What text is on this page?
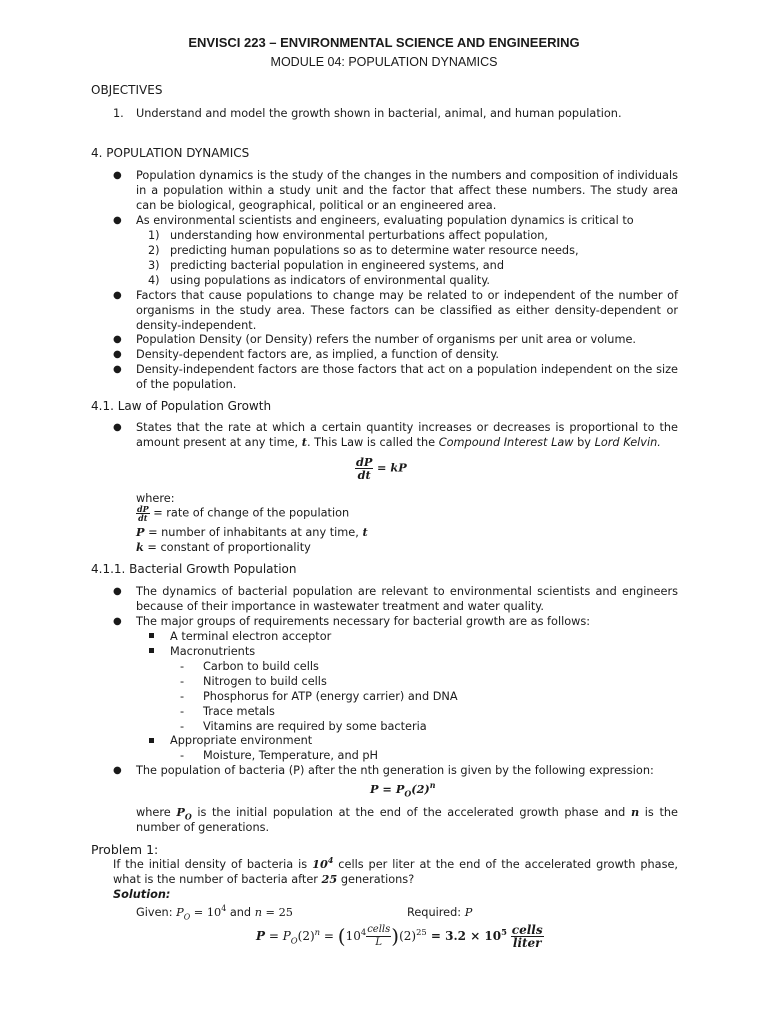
ENVISCI 223 – ENVIRONMENTAL SCIENCE AND ENGINEERING
MODULE 04: POPULATION DYNAMICS
OBJECTIVES
1. Understand and model the growth shown in bacterial, animal, and human population.
4. POPULATION DYNAMICS
● Population dynamics is the study of the changes in the numbers and composition of individuals in a population within a study unit and the factor that affect these numbers. The study area can be biological, geographical, political or an engineered area.
● As environmental scientists and engineers, evaluating population dynamics is critical to
1) understanding how environmental perturbations affect population,
2) predicting human populations so as to determine water resource needs,
3) predicting bacterial population in engineered systems, and
4) using populations as indicators of environmental quality.
● Factors that cause populations to change may be related to or independent of the number of organisms in the study area. These factors can be classified as either density-dependent or density-independent.
● Population Density (or Density) refers the number of organisms per unit area or volume.
● Density-dependent factors are, as implied, a function of density.
● Density-independent factors are those factors that act on a population independent on the size of the population.
4.1. Law of Population Growth
● States that the rate at which a certain quantity increases or decreases is proportional to the amount present at any time, t. This Law is called the Compound Interest Law by Lord Kelvin.
$\frac{dP}{dt}$ = kP
where:
$\frac{dP}{dt}$ = rate of change of the population
P = number of inhabitants at any time, t
k = constant of proportionality
4.1.1. Bacterial Growth Population
● The dynamics of bacterial population are relevant to environmental scientists and engineers because of their importance in wastewater treatment and water quality.
● The major groups of requirements necessary for bacterial growth are as follows:
A terminal electron acceptor
Macronutrients
- Carbon to build cells
- Nitrogen to build cells
- Phosphorus for ATP (energy carrier) and DNA
- Trace metals
- Vitamins are required by some bacteria
Appropriate environment
- Moisture, Temperature, and pH
● The population of bacteria (P) after the nth generation is given by the following expression:
$P = P_O(2)^n$
where $P_O$ is the initial population at the end of the accelerated growth phase and n is the number of generations.
Problem 1:
If the initial density of bacteria is $10^4$ cells per liter at the end of the accelerated growth phase, what is the number of bacteria after 25 generations?
Solution:
Given: $P_O = 10^4$ and n = 25	Required: P
$P = P_O(2)^n = (10^4 \frac{\text{cells}}{L} )(2)^{25} = 3.2 \times 10^5 \frac{\text{cells}}{\text{liter}}$
